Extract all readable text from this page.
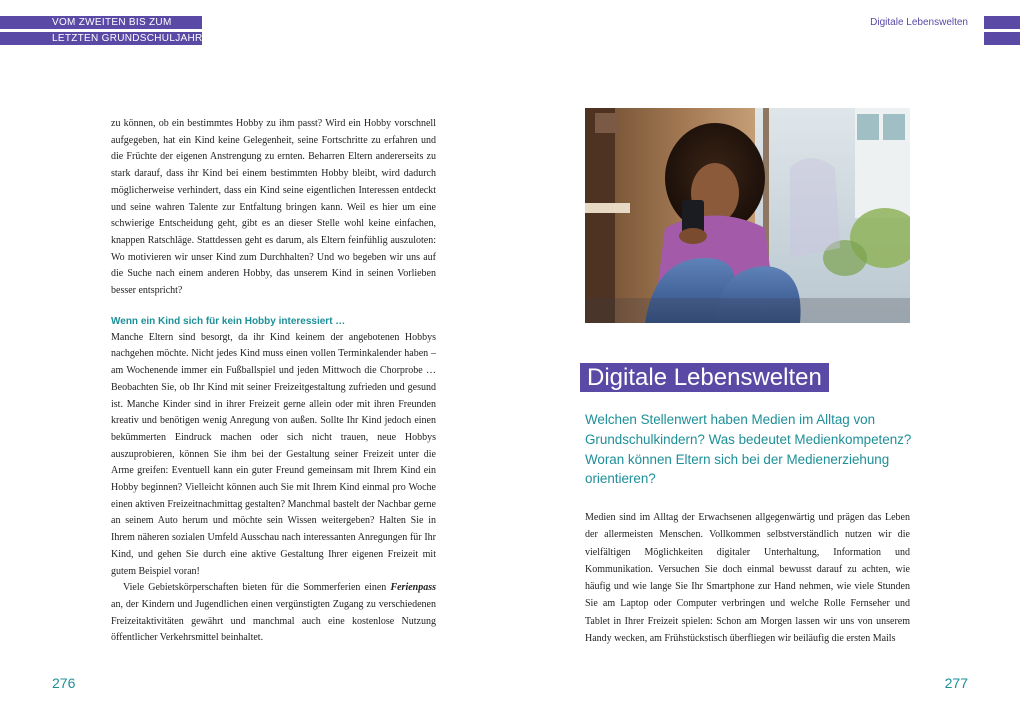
VOM ZWEITEN BIS ZUM
LETZTEN GRUNDSCHULJAHR

zu können, ob ein bestimmtes Hobby zu ihm passt? Wird ein Hobby vorschnell aufgegeben, hat ein Kind keine Gelegenheit, seine Fortschritte zu erfahren und die Früchte der eigenen Anstrengung zu ernten. Beharren Eltern andererseits zu stark darauf, dass ihr Kind bei einem bestimmten Hobby bleibt, wird dadurch möglicherweise verhindert, dass ein Kind seine eigentlichen Interessen entdeckt und seine wahren Talente zur Entfaltung bringen kann. Weil es hier um eine schwierige Entscheidung geht, gibt es an dieser Stelle wohl keine einfachen, knappen Ratschläge. Stattdessen geht es darum, als Eltern feinfühlig auszuloten: Wo motivieren wir unser Kind zum Durchhalten? Und wo begeben wir uns auf die Suche nach einem anderen Hobby, das unserem Kind in seinen Vorlieben besser entspricht?

Wenn ein Kind sich für kein Hobby interessiert …

Manche Eltern sind besorgt, da ihr Kind keinem der angebotenen Hobbys nachgehen möchte. Nicht jedes Kind muss einen vollen Terminkalender haben – am Wochenende immer ein Fußballspiel und jeden Mittwoch die Chorprobe … Beobachten Sie, ob Ihr Kind mit seiner Freizeitgestaltung zufrieden und gesund ist. Manche Kinder sind in ihrer Freizeit gerne allein oder mit ihren Freunden kreativ und benötigen wenig Anregung von außen. Sollte Ihr Kind jedoch einen bekümmerten Eindruck machen oder sich nicht trauen, neue Hobbys auszuprobieren, können Sie ihm bei der Gestaltung seiner Freizeit unter die Arme greifen: Eventuell kann ein guter Freund gemeinsam mit Ihrem Kind ein Hobby beginnen? Vielleicht können auch Sie mit Ihrem Kind einmal pro Woche einen aktiven Freizeitnachmittag gestalten? Manchmal bastelt der Nachbar gerne an seinem Auto herum und möchte sein Wissen weitergeben? Halten Sie in Ihrem näheren sozialen Umfeld Ausschau nach interessanten Anregungen für Ihr Kind, und gehen Sie durch eine aktive Gestaltung Ihrer eigenen Freizeit mit gutem Beispiel voran!

Viele Gebietskörperschaften bieten für die Sommerferien einen Ferienpass an, der Kindern und Jugendlichen einen vergünstigten Zugang zu verschiedenen Freizeitaktivitäten gewährt und manchmal auch eine kostenlose Nutzung öffentlicher Verkehrsmittel beinhaltet.

276
Digitale Lebenswelten
Digitale Lebenswelten
Welchen Stellenwert haben Medien im Alltag von Grundschulkindern? Was bedeutet Medienkompetenz? Woran können Eltern sich bei der Medienerziehung orientieren?

Medien sind im Alltag der Erwachsenen allgegenwärtig und prägen das Leben der allermeisten Menschen. Vollkommen selbstverständlich nutzen wir die vielfältigen Möglichkeiten digitaler Unterhaltung, Information und Kommunikation. Versuchen Sie doch einmal bewusst darauf zu achten, wie häufig und wie lange Sie Ihr Smartphone zur Hand nehmen, wie viele Stunden Sie am Laptop oder Computer verbringen und welche Rolle Fernseher und Tablet in Ihrer Freizeit spielen: Schon am Morgen lassen wir uns von unserem Handy wecken, am Frühstückstisch überfliegen wir beiläufig die ersten Mails

277
